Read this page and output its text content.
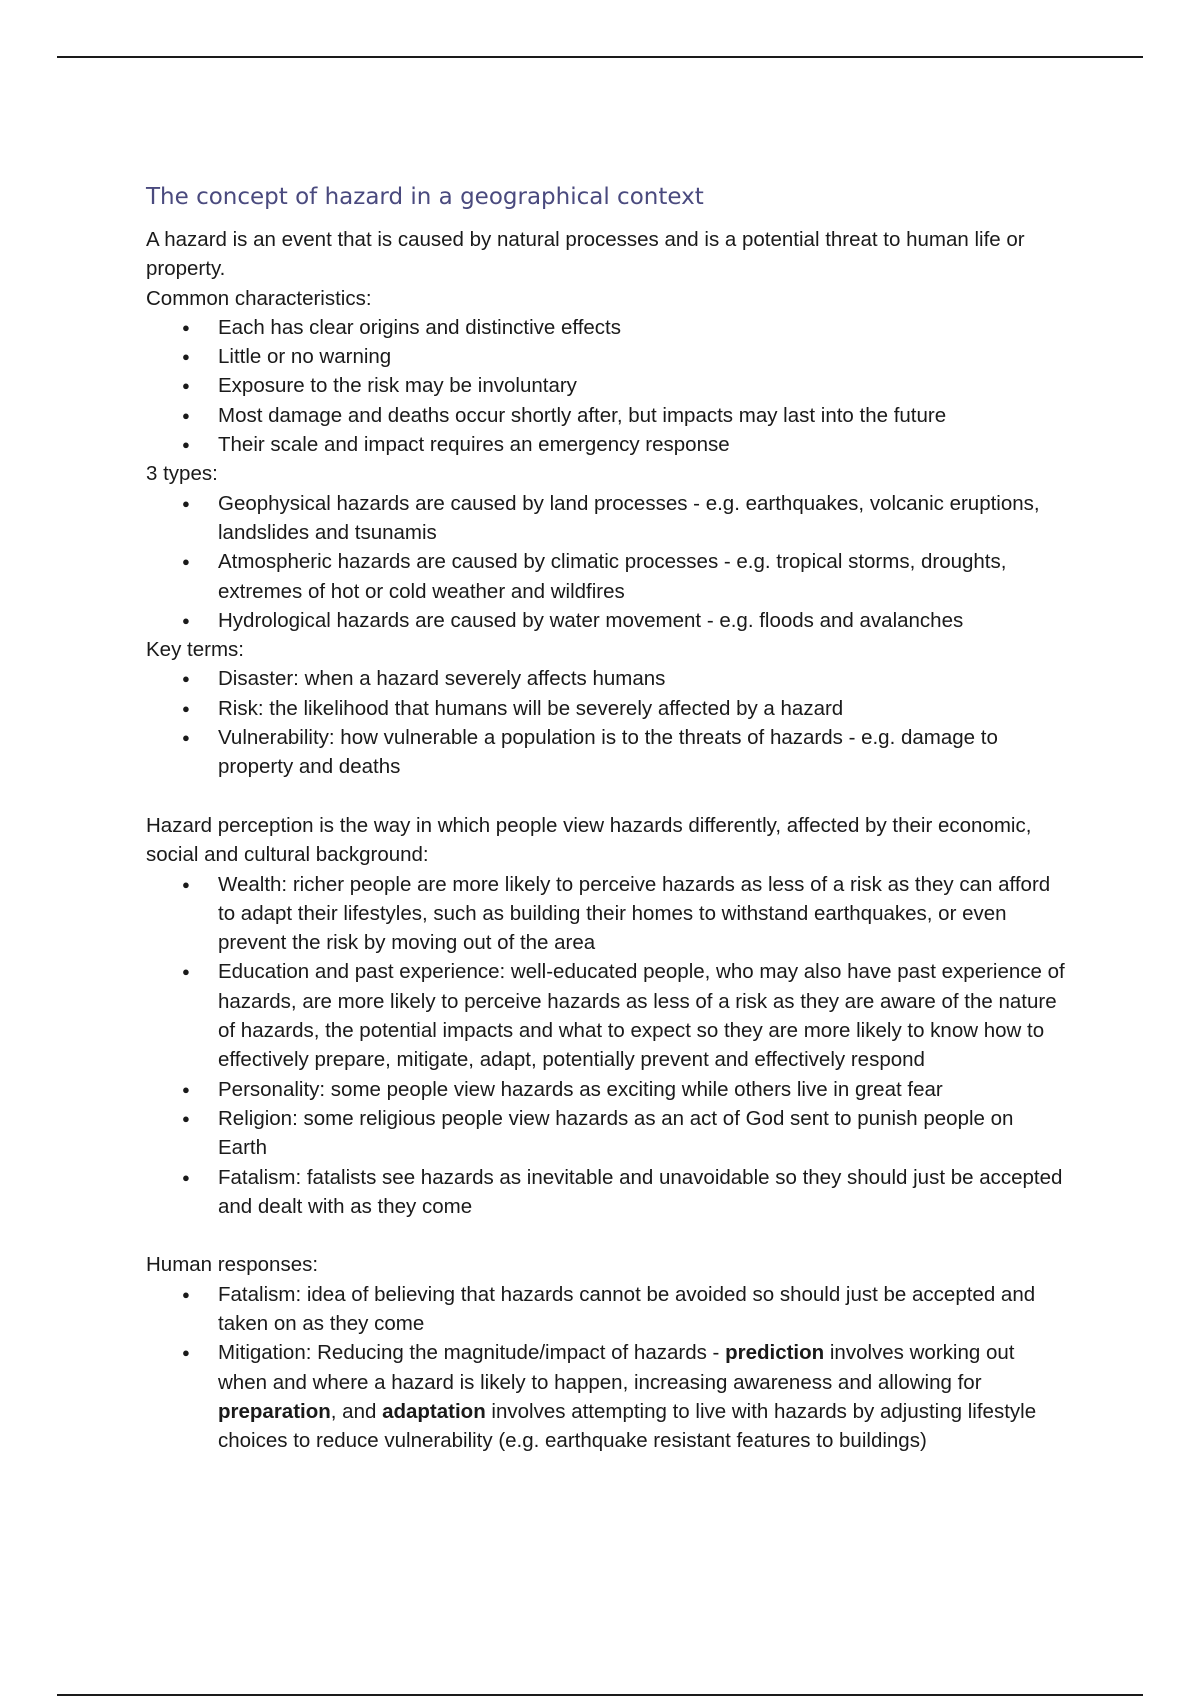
The concept of hazard in a geographical context

A hazard is an event that is caused by natural processes and is a potential threat to human life or property.

Common characteristics:

● Each has clear origins and distinctive effects
● Little or no warning
● Exposure to the risk may be involuntary
● Most damage and deaths occur shortly after, but impacts may last into the future
● Their scale and impact requires an emergency response

3 types:

● Geophysical hazards are caused by land processes - e.g. earthquakes, volcanic eruptions, landslides and tsunamis
● Atmospheric hazards are caused by climatic processes - e.g. tropical storms, droughts, extremes of hot or cold weather and wildfires
● Hydrological hazards are caused by water movement - e.g. floods and avalanches

Key terms:

● Disaster: when a hazard severely affects humans
● Risk: the likelihood that humans will be severely affected by a hazard
● Vulnerability: how vulnerable a population is to the threats of hazards - e.g. damage to property and deaths

Hazard perception is the way in which people view hazards differently, affected by their economic, social and cultural background:

● Wealth: richer people are more likely to perceive hazards as less of a risk as they can afford to adapt their lifestyles, such as building their homes to withstand earthquakes, or even prevent the risk by moving out of the area
● Education and past experience: well-educated people, who may also have past experience of hazards, are more likely to perceive hazards as less of a risk as they are aware of the nature of hazards, the potential impacts and what to expect so they are more likely to know how to effectively prepare, mitigate, adapt, potentially prevent and effectively respond
● Personality: some people view hazards as exciting while others live in great fear
● Religion: some religious people view hazards as an act of God sent to punish people on Earth
● Fatalism: fatalists see hazards as inevitable and unavoidable so they should just be accepted and dealt with as they come

Human responses:

● Fatalism: idea of believing that hazards cannot be avoided so should just be accepted and taken on as they come
● Mitigation: Reducing the magnitude/impact of hazards - prediction involves working out when and where a hazard is likely to happen, increasing awareness and allowing for preparation, and adaptation involves attempting to live with hazards by adjusting lifestyle choices to reduce vulnerability (e.g. earthquake resistant features to buildings)
